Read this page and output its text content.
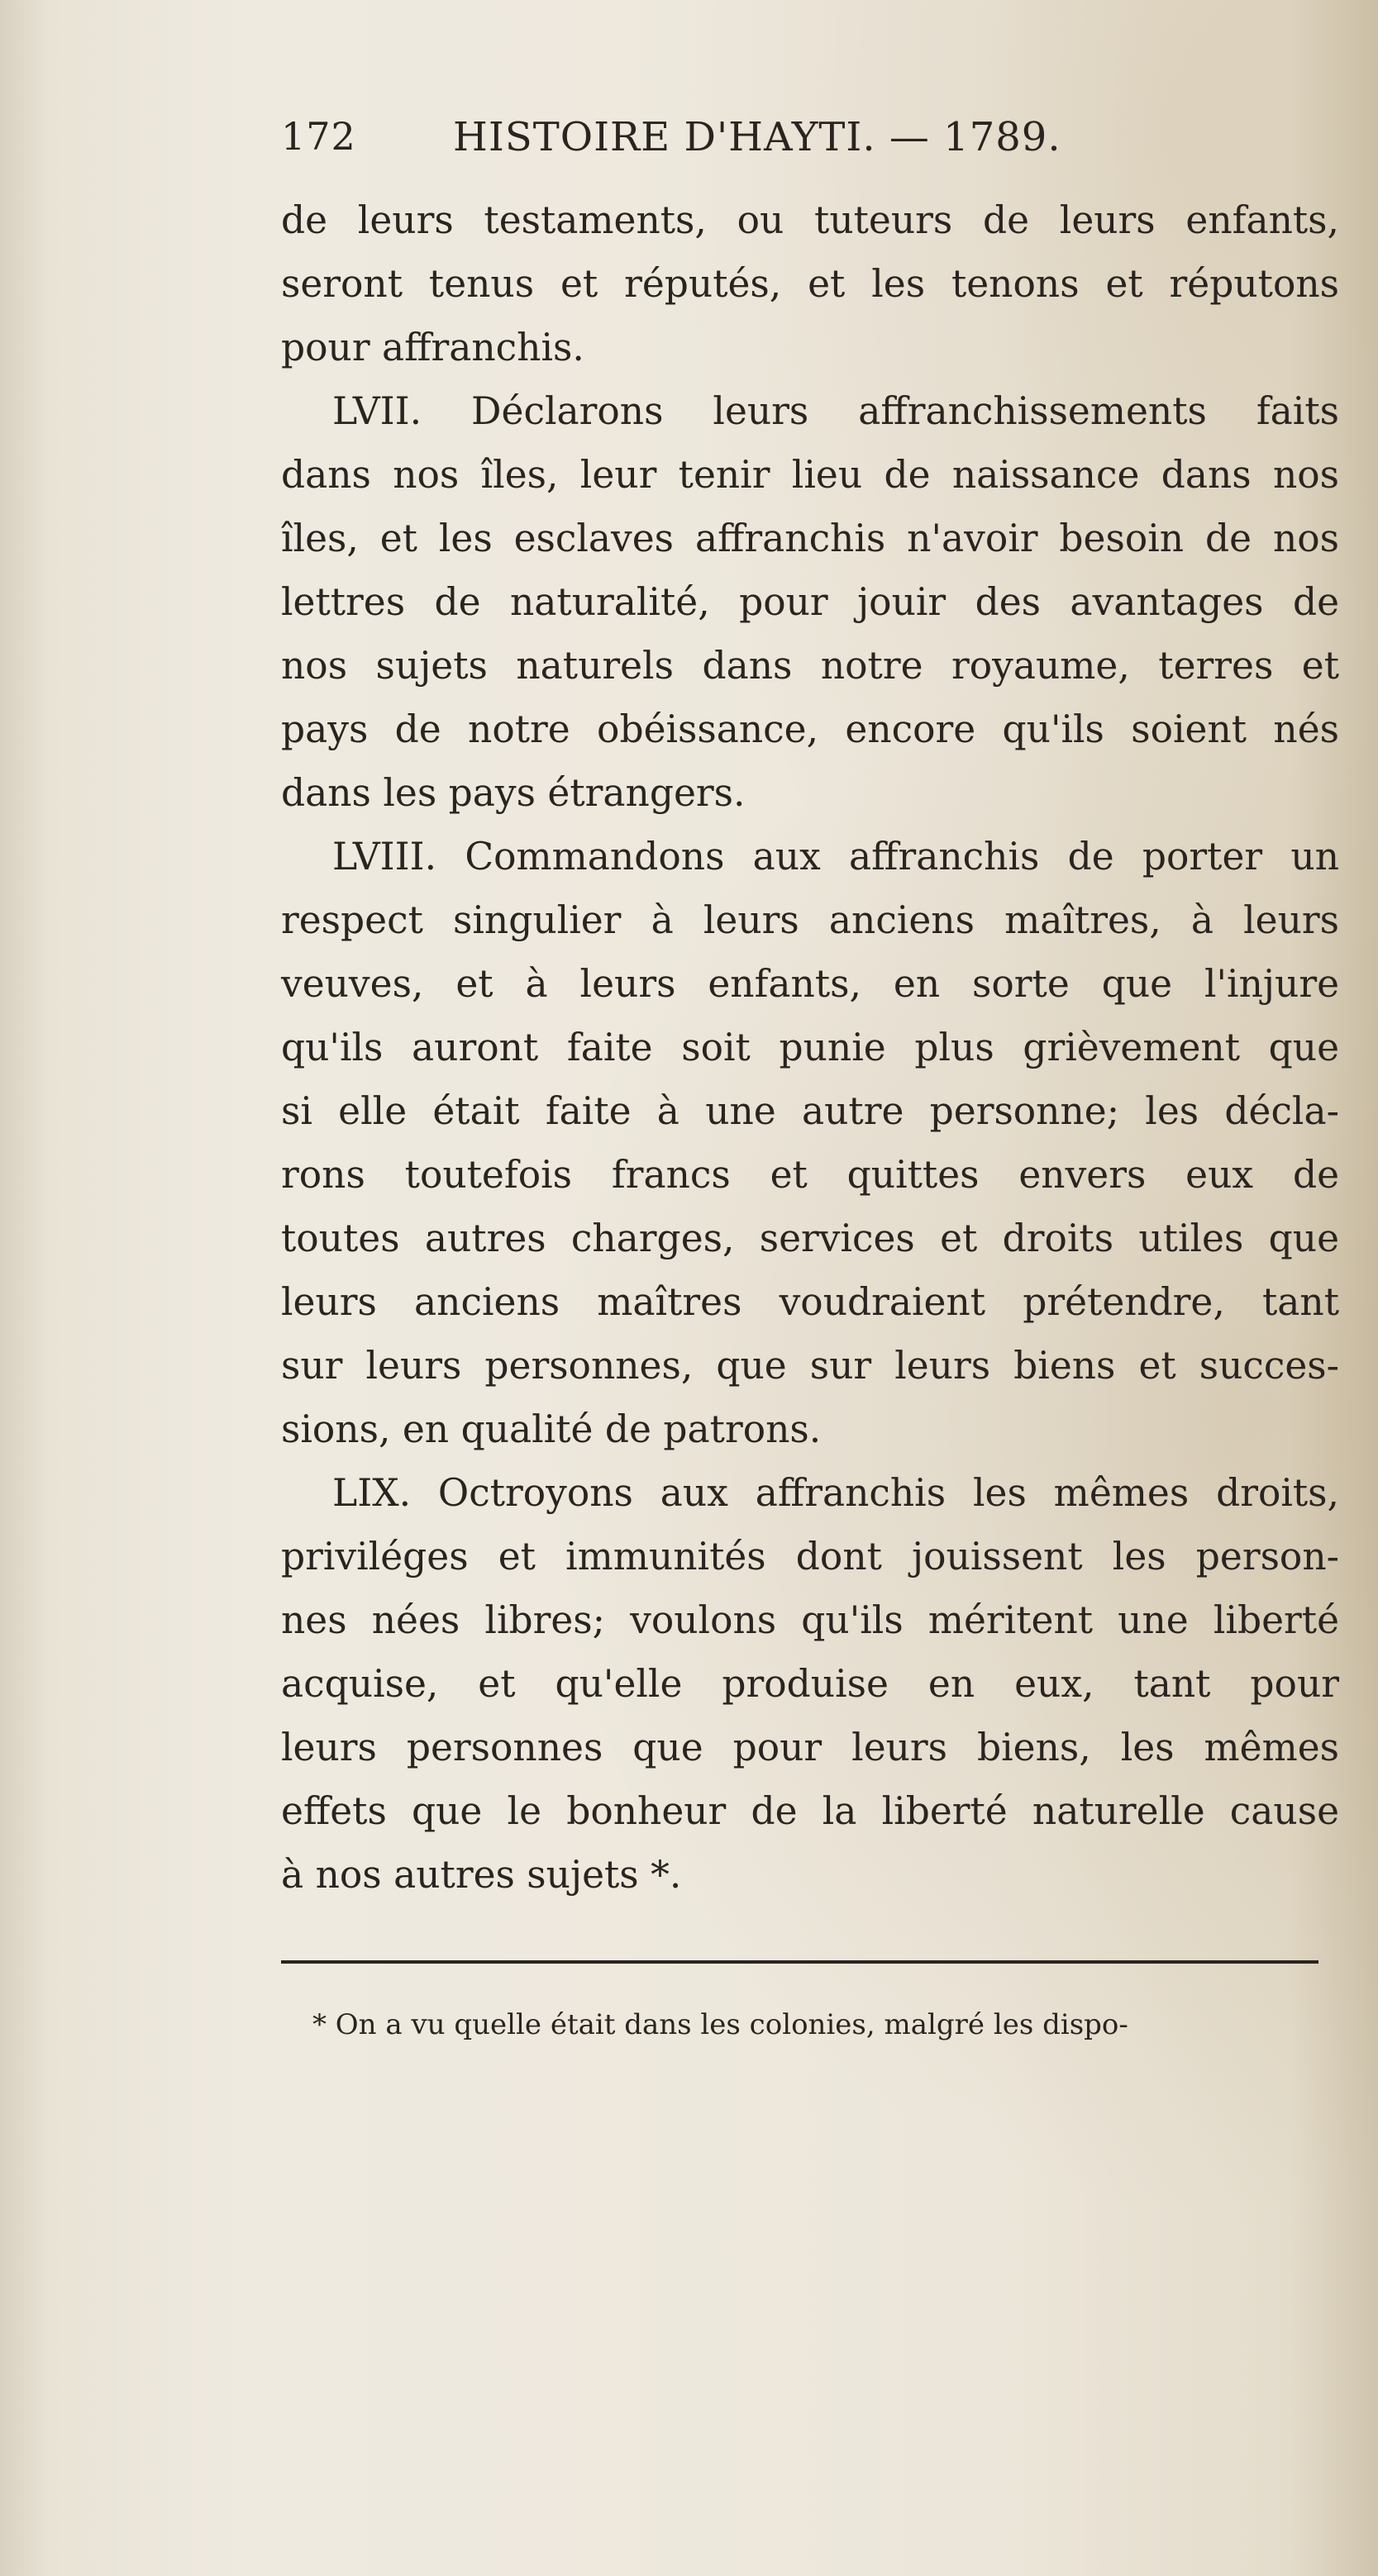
172 HISTOIRE D'HAYTI. — 1789.
de leurs testaments, ou tuteurs de leurs enfants,
seront tenus et réputés, et les tenons et réputons
pour affranchis.
LVII. Déclarons leurs affranchissements faits
dans nos îles, leur tenir lieu de naissance dans nos
îles, et les esclaves affranchis n'avoir besoin de nos
lettres de naturalité, pour jouir des avantages de
nos sujets naturels dans notre royaume, terres et
pays de notre obéissance, encore qu'ils soient nés
dans les pays étrangers.
LVIII. Commandons aux affranchis de porter un
respect singulier à leurs anciens maîtres, à leurs
veuves, et à leurs enfants, en sorte que l'injure
qu'ils auront faite soit punie plus grièvement que
si elle était faite à une autre personne; les décla-
rons toutefois francs et quittes envers eux de
toutes autres charges, services et droits utiles que
leurs anciens maîtres voudraient prétendre, tant
sur leurs personnes, que sur leurs biens et succes-
sions, en qualité de patrons.
LIX. Octroyons aux affranchis les mêmes droits,
priviléges et immunités dont jouissent les person-
nes nées libres; voulons qu'ils méritent une liberté
acquise, et qu'elle produise en eux, tant pour
leurs personnes que pour leurs biens, les mêmes
effets que le bonheur de la liberté naturelle cause
à nos autres sujets *.
* On a vu quelle était dans les colonies, malgré les dispo-
